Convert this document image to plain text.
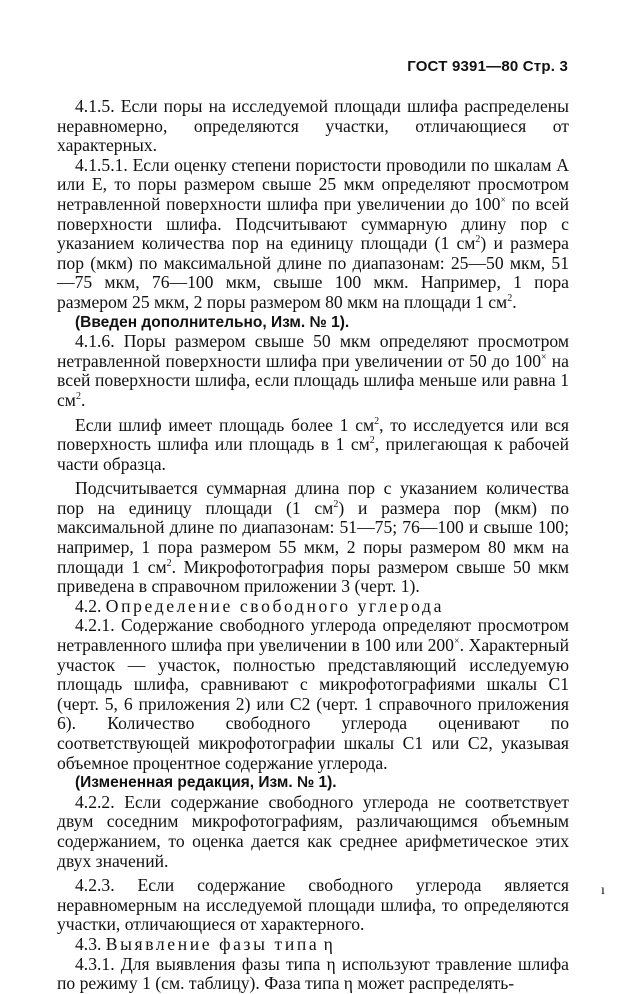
ГОСТ 9391—80 Стр. 3

4.1.5. Если поры на исследуемой площади шлифа распределены неравномерно, определяются участки, отличающиеся от характерных.

4.1.5.1. Если оценку степени пористости проводили по шкалам А или Е, то поры размером свыше 25 мкм определяют просмотром нетравленной поверхности шлифа при увеличении до 100× по всей поверхности шлифа. Подсчитывают суммарную длину пор с указанием количества пор на единицу площади (1 $см^2$) и размера пор (мкм) по максимальной длине по диапазонам: 25—50 мкм, 51—75 мкм, 76—100 мкм, свыше 100 мкм. Например, 1 пора размером 25 мкм, 2 поры размером 80 мкм на площади 1 $см^2$.

(Введен дополнительно, Изм. № 1).

4.1.6. Поры размером свыше 50 мкм определяют просмотром нетравленной поверхности шлифа при увеличении от 50 до 100× на всей поверхности шлифа, если площадь шлифа меньше или равна 1 $см^2$.

Если шлиф имеет площадь более 1 $см^2$, то исследуется или вся поверхность шлифа или площадь в 1 $см^2$, прилегающая к рабочей части образца.

Подсчитывается суммарная длина пор с указанием количества пор на единицу площади (1 $см^2$) и размера пор (мкм) по максимальной длине по диапазонам: 51—75; 76—100 и свыше 100; например, 1 пора размером 55 мкм, 2 поры размером 80 мкм на площади 1 $см^2$. Микрофотография поры размером свыше 50 мкм приведена в справочном приложении 3 (черт. 1).

4.2. Определение свободного углерода

4.2.1. Содержание свободного углерода определяют просмотром нетравленного шлифа при увеличении в 100 или 200×. Характерный участок — участок, полностью представляющий исследуемую площадь шлифа, сравнивают с микрофотографиями шкалы С1 (черт. 5, 6 приложения 2) или С2 (черт. 1 справочного приложения 6). Количество свободного углерода оценивают по соответствующей микрофотографии шкалы С1 или С2, указывая объемное процентное содержание углерода.

(Измененная редакция, Изм. № 1).

4.2.2. Если содержание свободного углерода не соответствует двум соседним микрофотографиям, различающимся объемным содержанием, то оценка дается как среднее арифметическое этих двух значений.

4.2.3. Если содержание свободного углерода является неравномерным на исследуемой площади шлифа, то определяются участки, отличающиеся от характерного.

4.3. Выявление фазы типа η

4.3.1. Для выявления фазы типа η используют травление шлифа по режиму 1 (см. таблицу). Фаза типа η может распределять-

ı
